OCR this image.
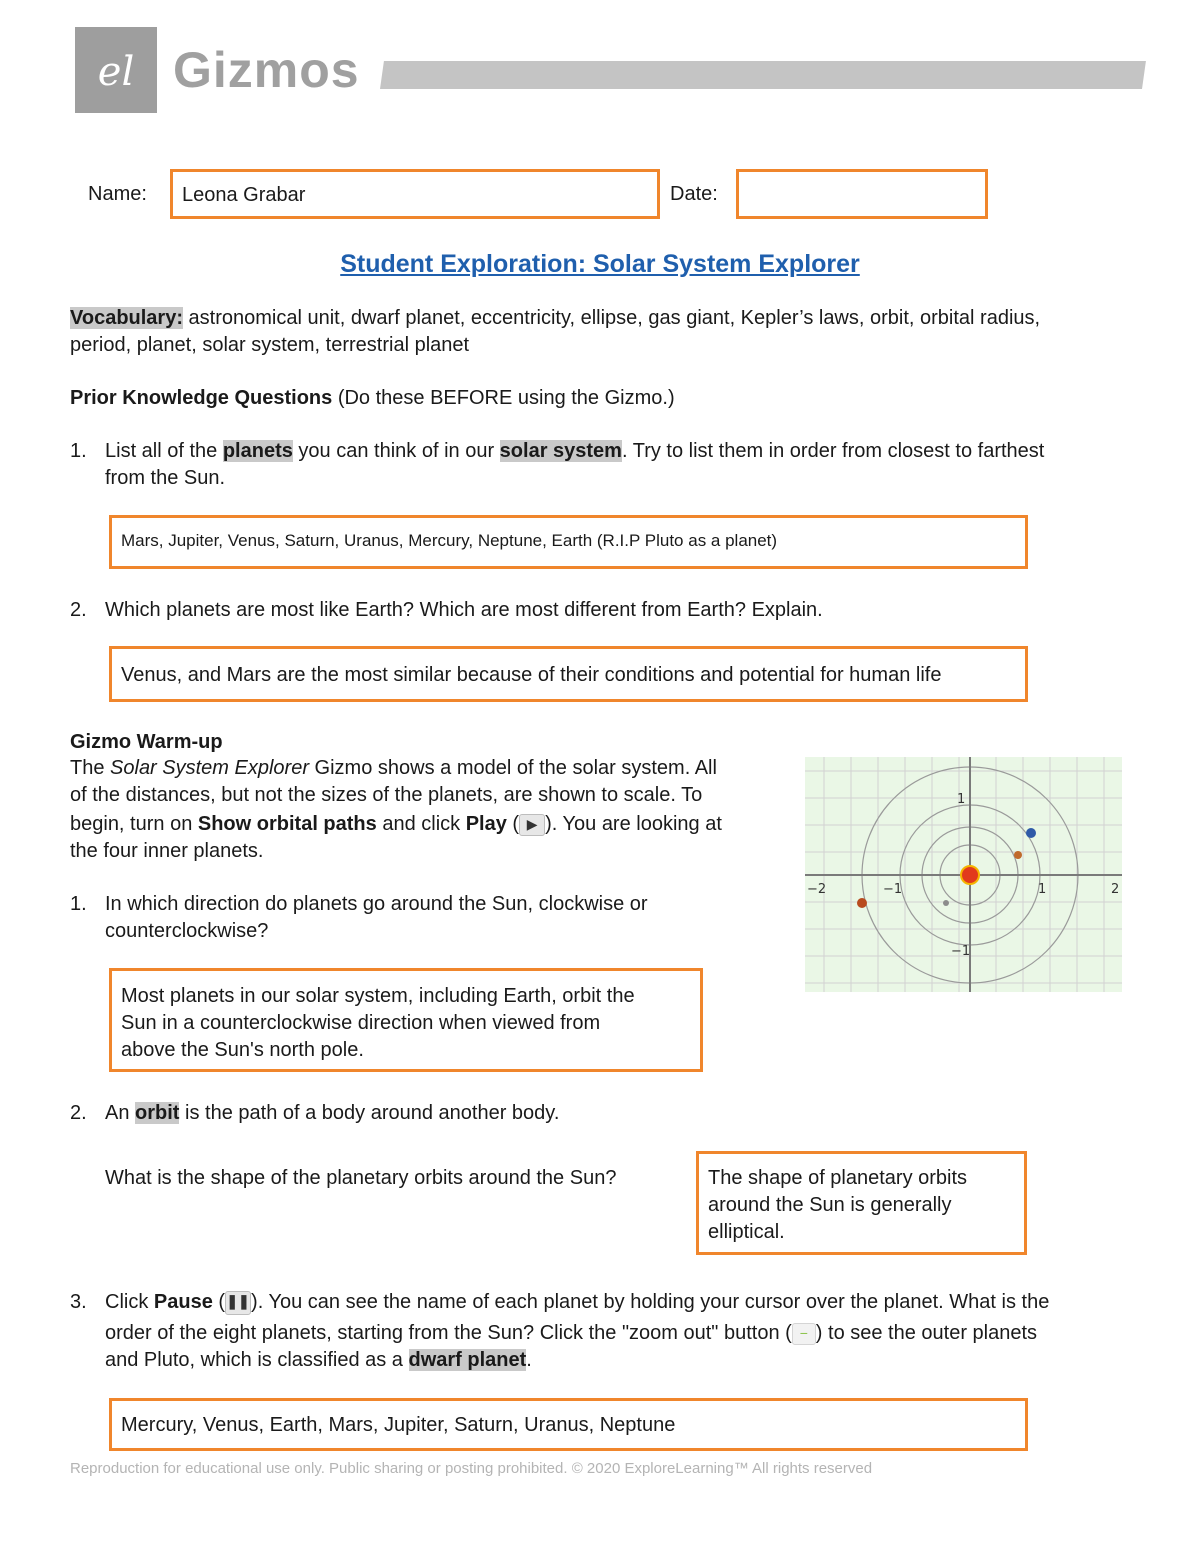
el Gizmos
Name: Leona Grabar	Date:
Student Exploration: Solar System Explorer
Vocabulary: astronomical unit, dwarf planet, eccentricity, ellipse, gas giant, Kepler’s laws, orbit, orbital radius,
period, planet, solar system, terrestrial planet
Prior Knowledge Questions (Do these BEFORE using the Gizmo.)
1. List all of the planets you can think of in our solar system. Try to list them in order from closest to farthest
from the Sun.
Mars, Jupiter, Venus, Saturn, Uranus, Mercury, Neptune, Earth (R.I.P Pluto as a planet)
2. Which planets are most like Earth? Which are most different from Earth? Explain.
Venus, and Mars are the most similar because of their conditions and potential for human life
Gizmo Warm-up
The Solar System Explorer Gizmo shows a model of the solar system. All
of the distances, but not the sizes of the planets, are shown to scale. To
begin, turn on Show orbital paths and click Play ( ▶ ). You are looking at
the four inner planets.
−2	−1	1	2
1
−1
1. In which direction do planets go around the Sun, clockwise or
counterclockwise?
Most planets in our solar system, including Earth, orbit the
Sun in a counterclockwise direction when viewed from
above the Sun's north pole.
2. An orbit is the path of a body around another body.
What is the shape of the planetary orbits around the Sun?	The shape of planetary orbits
around the Sun is generally
elliptical.
3. Click Pause (❚❚). You can see the name of each planet by holding your cursor over the planet. What is the
order of the eight planets, starting from the Sun? Click the "zoom out" button ( − ) to see the outer planets
and Pluto, which is classified as a dwarf planet.
Mercury, Venus, Earth, Mars, Jupiter, Saturn, Uranus, Neptune
Reproduction for educational use only. Public sharing or posting prohibited. © 2020 ExploreLearning™ All rights reserved
